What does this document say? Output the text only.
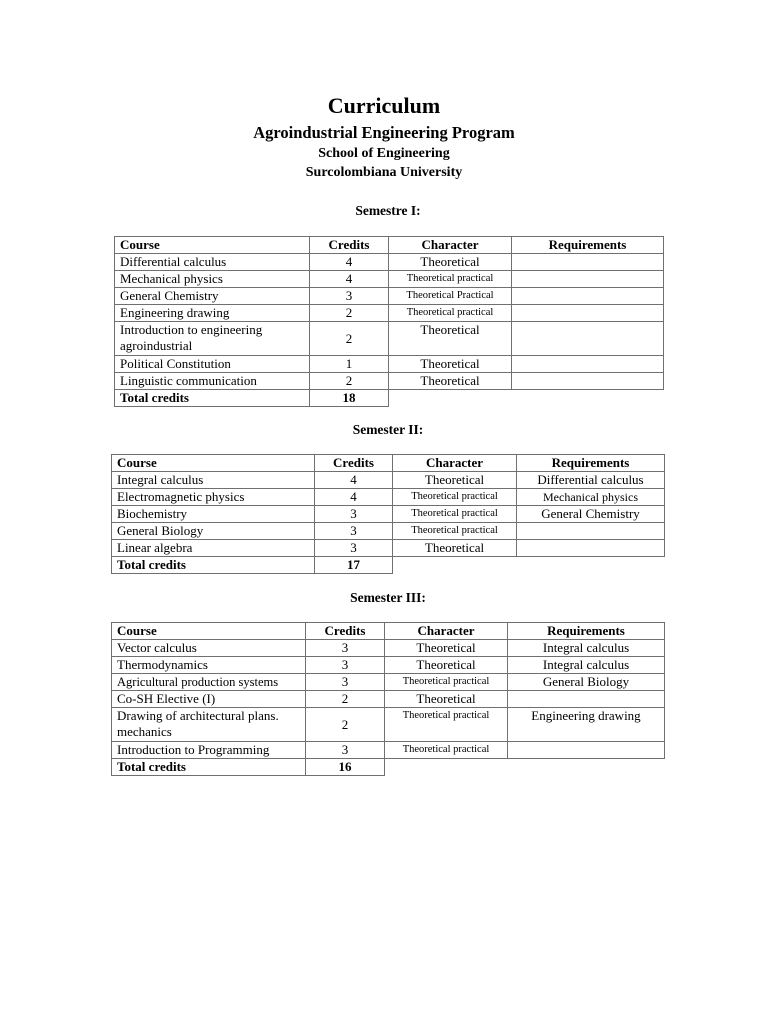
Curriculum
Agroindustrial Engineering Program
School of Engineering
Surcolombiana University
Semestre I:
Course	Credits	Character	Requirements
Differential calculus	4	Theoretical	
Mechanical physics	4	Theoretical practical	
General Chemistry	3	Theoretical Practical	
Engineering drawing	2	Theoretical practical	
Introduction to engineering agroindustrial	2	Theoretical	
Political Constitution	1	Theoretical	
Linguistic communication	2	Theoretical	
Total credits	18		
Semester II:
Course	Credits	Character	Requirements
Integral calculus	4	Theoretical	Differential calculus
Electromagnetic physics	4	Theoretical practical	Mechanical physics
Biochemistry	3	Theoretical practical	General Chemistry
General Biology	3	Theoretical practical	
Linear algebra	3	Theoretical	
Total credits	17		
Semester III:
Course	Credits	Character	Requirements
Vector calculus	3	Theoretical	Integral calculus
Thermodynamics	3	Theoretical	Integral calculus
Agricultural production systems	3	Theoretical practical	General Biology
Co-SH Elective (I)	2	Theoretical	
Drawing of architectural plans. mechanics	2	Theoretical practical	Engineering drawing
Introduction to Programming	3	Theoretical practical	
Total credits	16		
